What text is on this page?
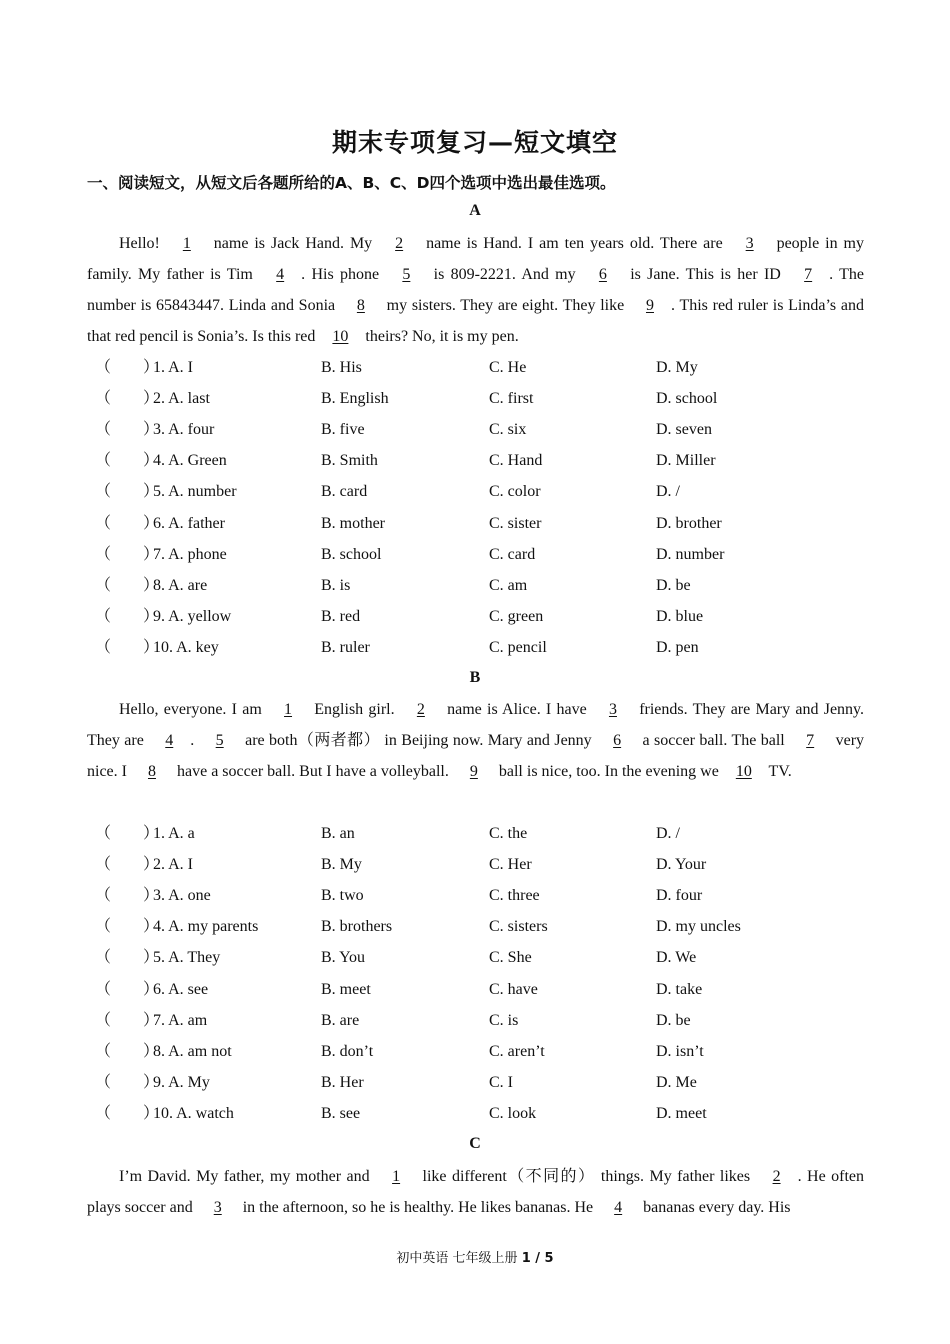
期末专项复习—短文填空
一、阅读短文，从短文后各题所给的A、B、C、D四个选项中选出最佳选项。
A

Hello! 1 name is Jack Hand. My 2 name is Hand. I am ten years old. There are 3 people in my family. My father is Tim 4 . His phone 5 is 809-2221. And my 6 is Jane. This is her ID 7 . The number is 65843447. Linda and Sonia 8 my sisters. They are eight. They like 9 . This red ruler is Linda’s and that red pencil is Sonia’s. Is this red 10 theirs? No, it is my pen.

（　　）
1. A. I	B. His	C. He	D. My
（　　）
2. A. last	B. English	C. first	D. school
（　　）
3. A. four	B. five	C. six	D. seven
（　　）
4. A. Green	B. Smith	C. Hand	D. Miller
（　　）
5. A. number	B. card	C. color	D. /
（　　）
6. A. father	B. mother	C. sister	D. brother
（　　）
7. A. phone	B. school	C. card	D. number
（　　）
8. A. are	B. is	C. am	D. be
（　　）
9. A. yellow	B. red	C. green	D. blue
（　　）
10. A. key	B. ruler	C. pencil	D. pen
B

Hello, everyone. I am 1 English girl. 2 name is Alice. I have 3 friends. They are Mary and Jenny. They are 4 . 5 are both（两者都） in Beijing now. Mary and Jenny 6 a soccer ball. The ball 7 very nice. I 8 have a soccer ball. But I have a volleyball. 9 ball is nice, too. In the evening we 10 TV.

（　　）
1. A. a	B. an	C. the	D. /
（　　）
2. A. I	B. My	C. Her	D. Your
（　　）
3. A. one	B. two	C. three	D. four
（　　）
4. A. my parents	B. brothers	C. sisters	D. my uncles
（　　）
5. A. They	B. You	C. She	D. We
（　　）
6. A. see	B. meet	C. have	D. take
（　　）
7. A. am	B. are	C. is	D. be
（　　）
8. A. am not	B. don’t	C. aren’t	D. isn’t
（　　）
9. A. My	B. Her	C. I	D. Me
（　　）
10. A. watch	B. see	C. look	D. meet
C

I’m David. My father, my mother and 1 like different（不同的） things. My father likes 2 . He often plays soccer and 3 in the afternoon, so he is healthy. He likes bananas. He 4 bananas every day. His

初中英语 七年级上册 1 / 5
